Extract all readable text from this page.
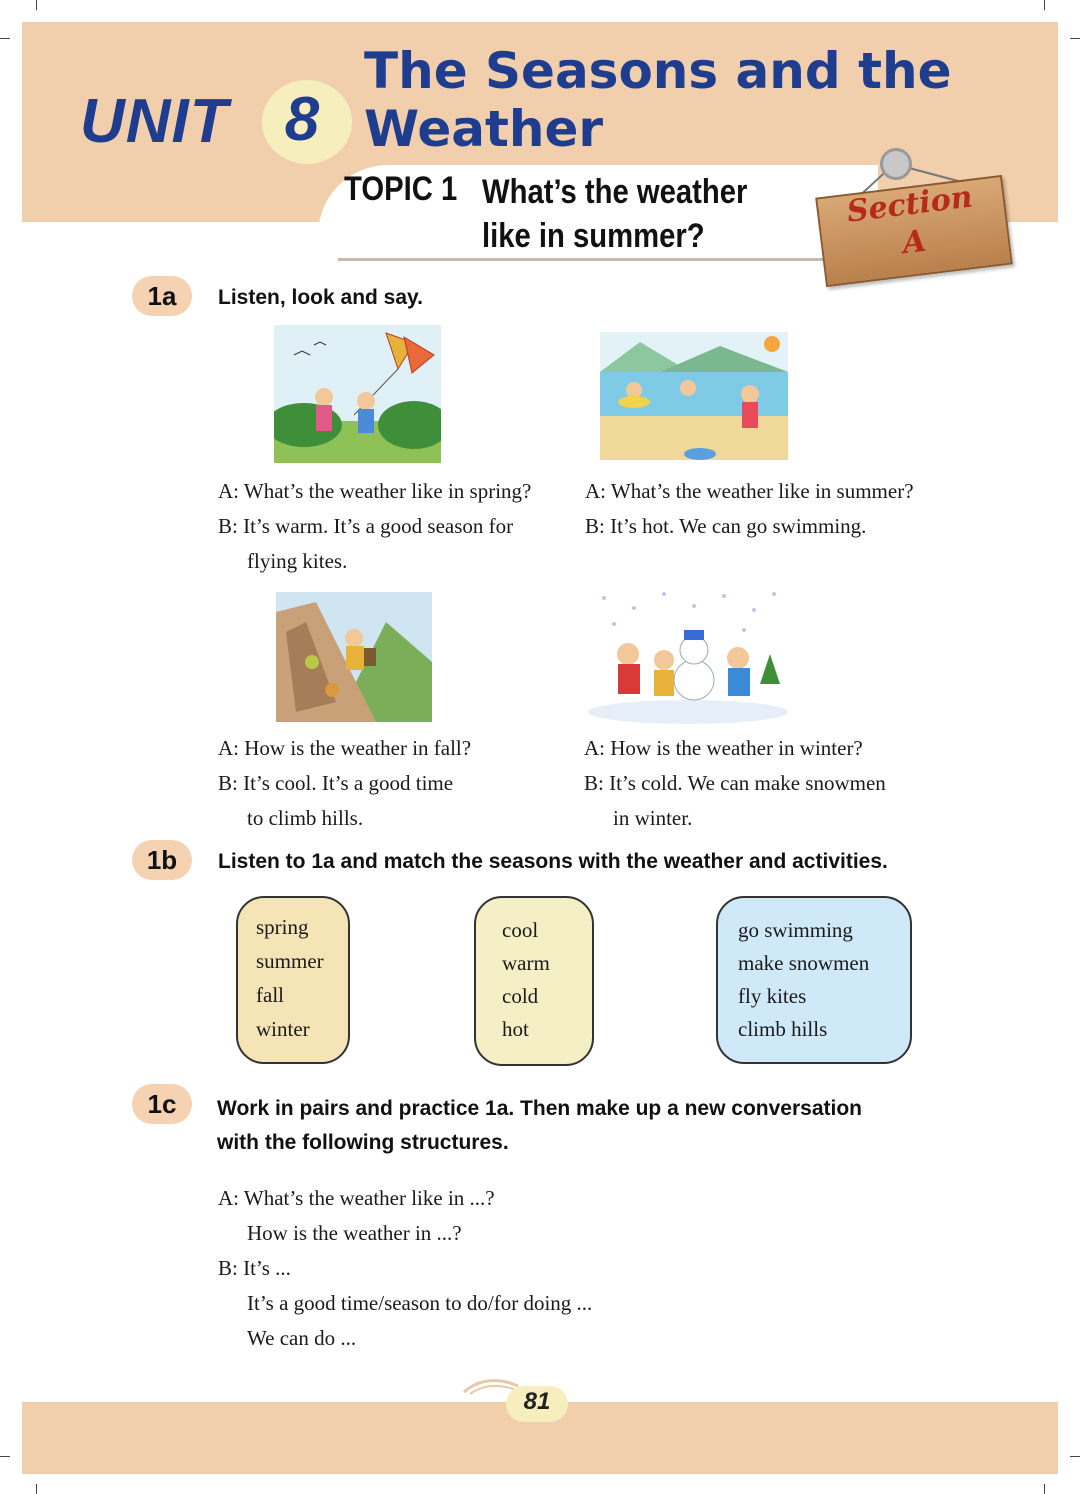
UNIT 8
The Seasons and the
Weather
TOPIC 1 What’s the weather
like in summer?
Section
A
1a	Listen, look and say.
A: What’s the weather like in spring?
B: It’s warm. It’s a good season for
flying kites.
A: What’s the weather like in summer?
B: It’s hot. We can go swimming.
A: How is the weather in fall?
B: It’s cool. It’s a good time
to climb hills.
A: How is the weather in winter?
B: It’s cold. We can make snowmen
in winter.
1b	Listen to 1a and match the seasons with the weather and activities.
spring
summer
fall
winter
cool
warm
cold
hot
go swimming
make snowmen
fly kites
climb hills
1c	Work in pairs and practice 1a. Then make up a new conversation
with the following structures.
A: What’s the weather like in ...?
How is the weather in ...?
B: It’s ...
It’s a good time/season to do/for doing ...
We can do ...
81
